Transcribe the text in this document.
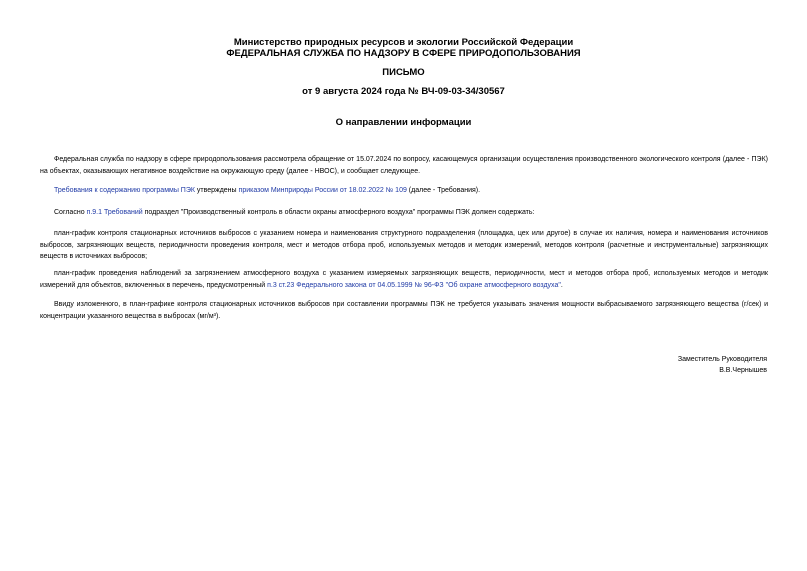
Министерство природных ресурсов и экологии Российской Федерации
ФЕДЕРАЛЬНАЯ СЛУЖБА ПО НАДЗОРУ В СФЕРЕ ПРИРОДОПОЛЬЗОВАНИЯ
ПИСЬМО
от 9 августа 2024 года № ВЧ-09-03-34/30567
О направлении информации

Федеральная служба по надзору в сфере природопользования рассмотрела обращение от 15.07.2024 по вопросу, касающемуся организации осуществления производственного экологического контроля (далее - ПЭК) на объектах, оказывающих негативное воздействие на окружающую среду (далее - НВОС), и сообщает следующее.

Требования к содержанию программы ПЭК утверждены приказом Минприроды России от 18.02.2022 № 109 (далее - Требования).

Согласно п.9.1 Требований подраздел "Производственный контроль в области охраны атмосферного воздуха" программы ПЭК должен содержать:

план-график контроля стационарных источников выбросов с указанием номера и наименования структурного подразделения (площадка, цех или другое) в случае их наличия, номера и наименования источников выбросов, загрязняющих веществ, периодичности проведения контроля, мест и методов отбора проб, используемых методов и методик измерений, методов контроля (расчетные и инструментальные) загрязняющих веществ в источниках выбросов;

план-график проведения наблюдений за загрязнением атмосферного воздуха с указанием измеряемых загрязняющих веществ, периодичности, мест и методов отбора проб, используемых методов и методик измерений для объектов, включенных в перечень, предусмотренный п.3 ст.23 Федерального закона от 04.05.1999 № 96-ФЗ "Об охране атмосферного воздуха".

Ввиду изложенного, в план-графике контроля стационарных источников выбросов при составлении программы ПЭК не требуется указывать значения мощности выбрасываемого загрязняющего вещества (г/сек) и концентрации указанного вещества в выбросах (мг/м³).

Заместитель Руководителя
В.В.Чернышев
